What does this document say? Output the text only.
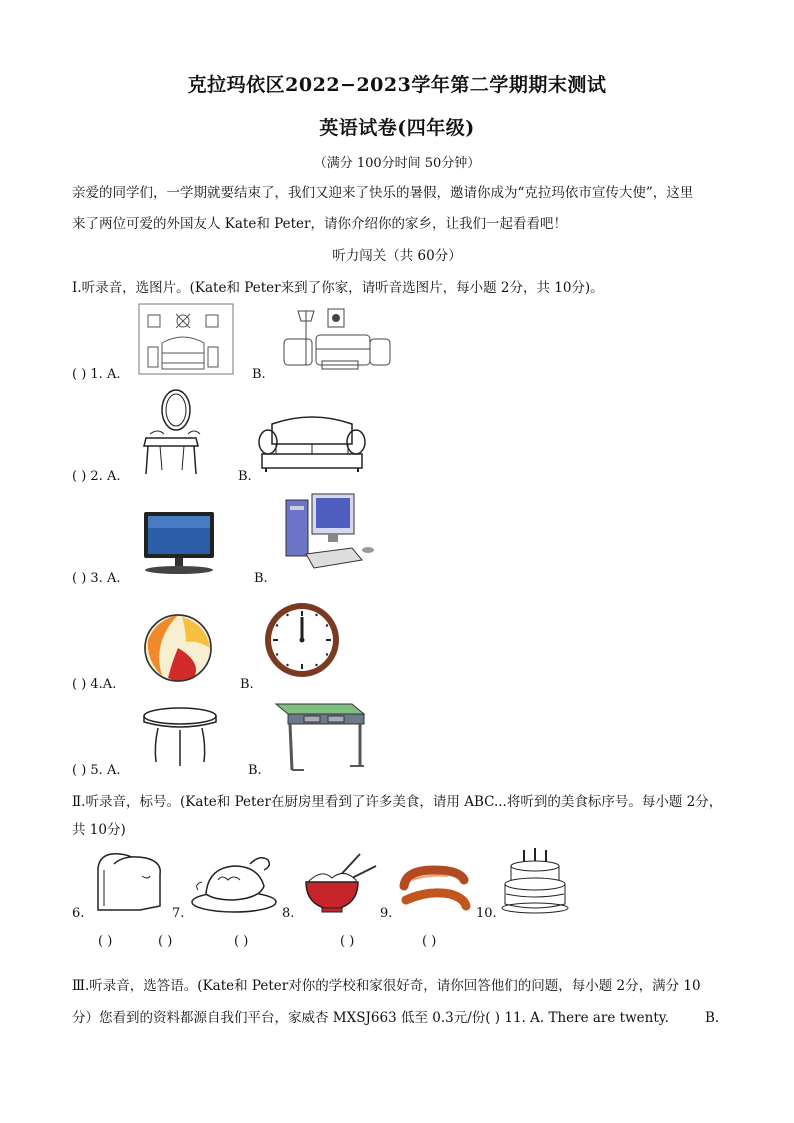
克拉玛依区2022−2023学年第二学期期末测试
英语试卷(四年级)
（满分 100分时间 50分钟）
亲爱的同学们，一学期就要结束了，我们又迎来了快乐的暑假，邀请你成为“克拉玛依市宣传大使”，这里
来了两位可爱的外国友人 Kate和 Peter，请你介绍你的家乡，让我们一起看看吧！
听力闯关（共 60分）
Ⅰ.听录音，选图片。(Kate和 Peter来到了你家，请听音选图片，每小题 2分，共 10分)。
( ) 1. A.	B.
( ) 2. A.	B.
( ) 3. A.	B.
( ) 4.A.	B.
( ) 5. A.	B.
Ⅱ.听录音，标号。(Kate和 Peter在厨房里看到了许多美食，请用 ABC...将听到的美食标序号。每小题 2分，
共 10分)
6.	7.	8.	9.	10.
( )	( )	( )	( )	( )
Ⅲ.听录音，选答语。(Kate和 Peter对你的学校和家很好奇，请你回答他们的问题，每小题 2分，满分 10
分）您看到的资料都源自我们平台，家威杏 MXSJ663 低至 0.3元/份( ) 11. A. There are twenty.	B.
